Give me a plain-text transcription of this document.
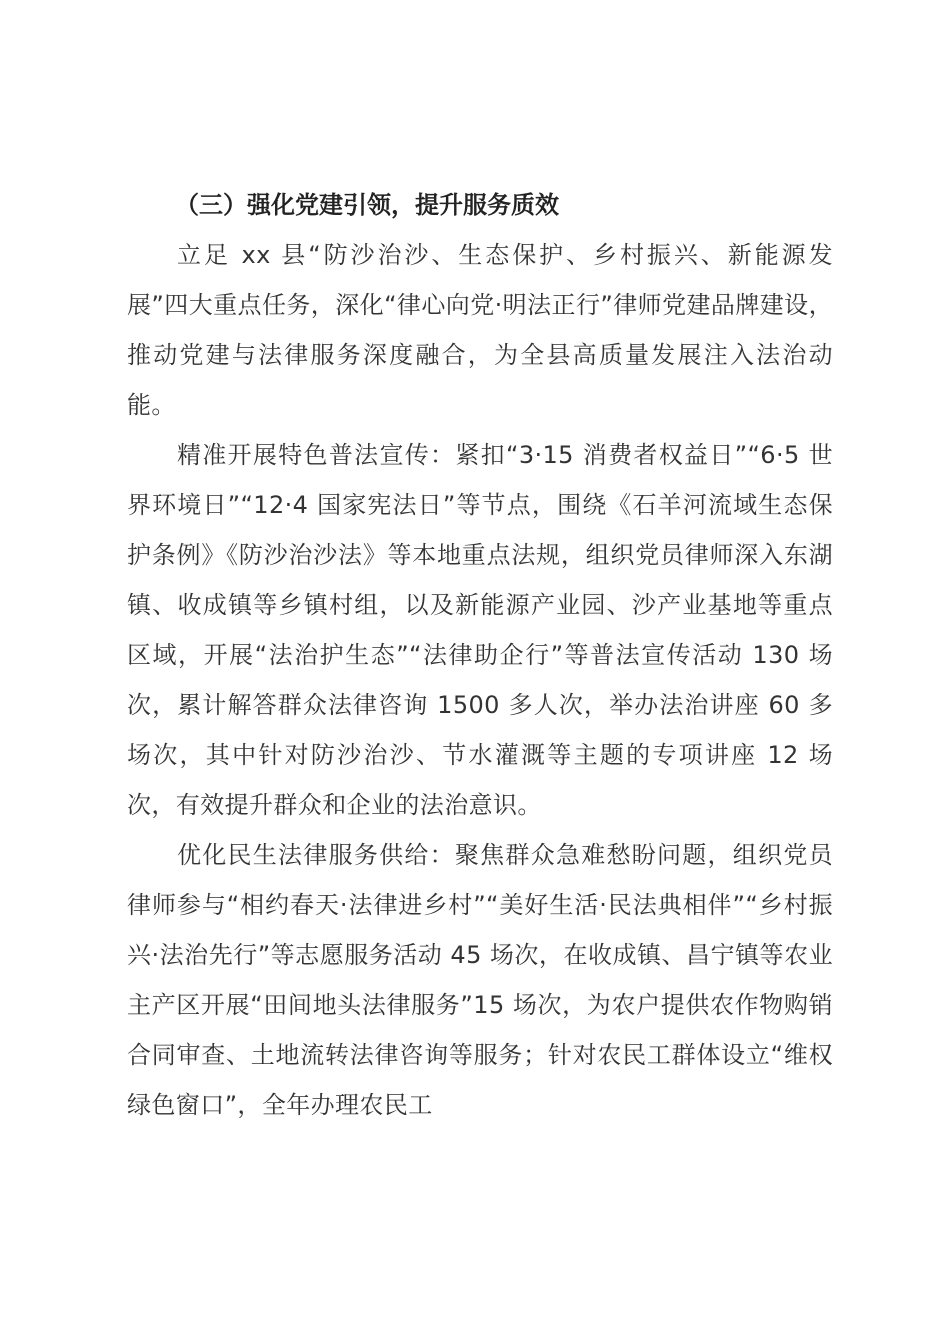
（三）强化党建引领，提升服务质效

立足 xx 县“防沙治沙、生态保护、乡村振兴、新能源发展”四大重点任务，深化“律心向党·明法正行”律师党建品牌建设，推动党建与法律服务深度融合，为全县高质量发展注入法治动能。

精准开展特色普法宣传：紧扣“3·15 消费者权益日”“6·5 世界环境日”“12·4 国家宪法日”等节点，围绕《石羊河流域生态保护条例》《防沙治沙法》等本地重点法规，组织党员律师深入东湖镇、收成镇等乡镇村组，以及新能源产业园、沙产业基地等重点区域，开展“法治护生态”“法律助企行”等普法宣传活动 130 场次，累计解答群众法律咨询 1500 多人次，举办法治讲座 60 多场次，其中针对防沙治沙、节水灌溉等主题的专项讲座 12 场次，有效提升群众和企业的法治意识。

优化民生法律服务供给：聚焦群众急难愁盼问题，组织党员律师参与“相约春天·法律进乡村”“美好生活·民法典相伴”“乡村振兴·法治先行”等志愿服务活动 45 场次，在收成镇、昌宁镇等农业主产区开展“田间地头法律服务”15 场次，为农户提供农作物购销合同审查、土地流转法律咨询等服务；针对农民工群体设立“维权绿色窗口”，全年办理农民工
